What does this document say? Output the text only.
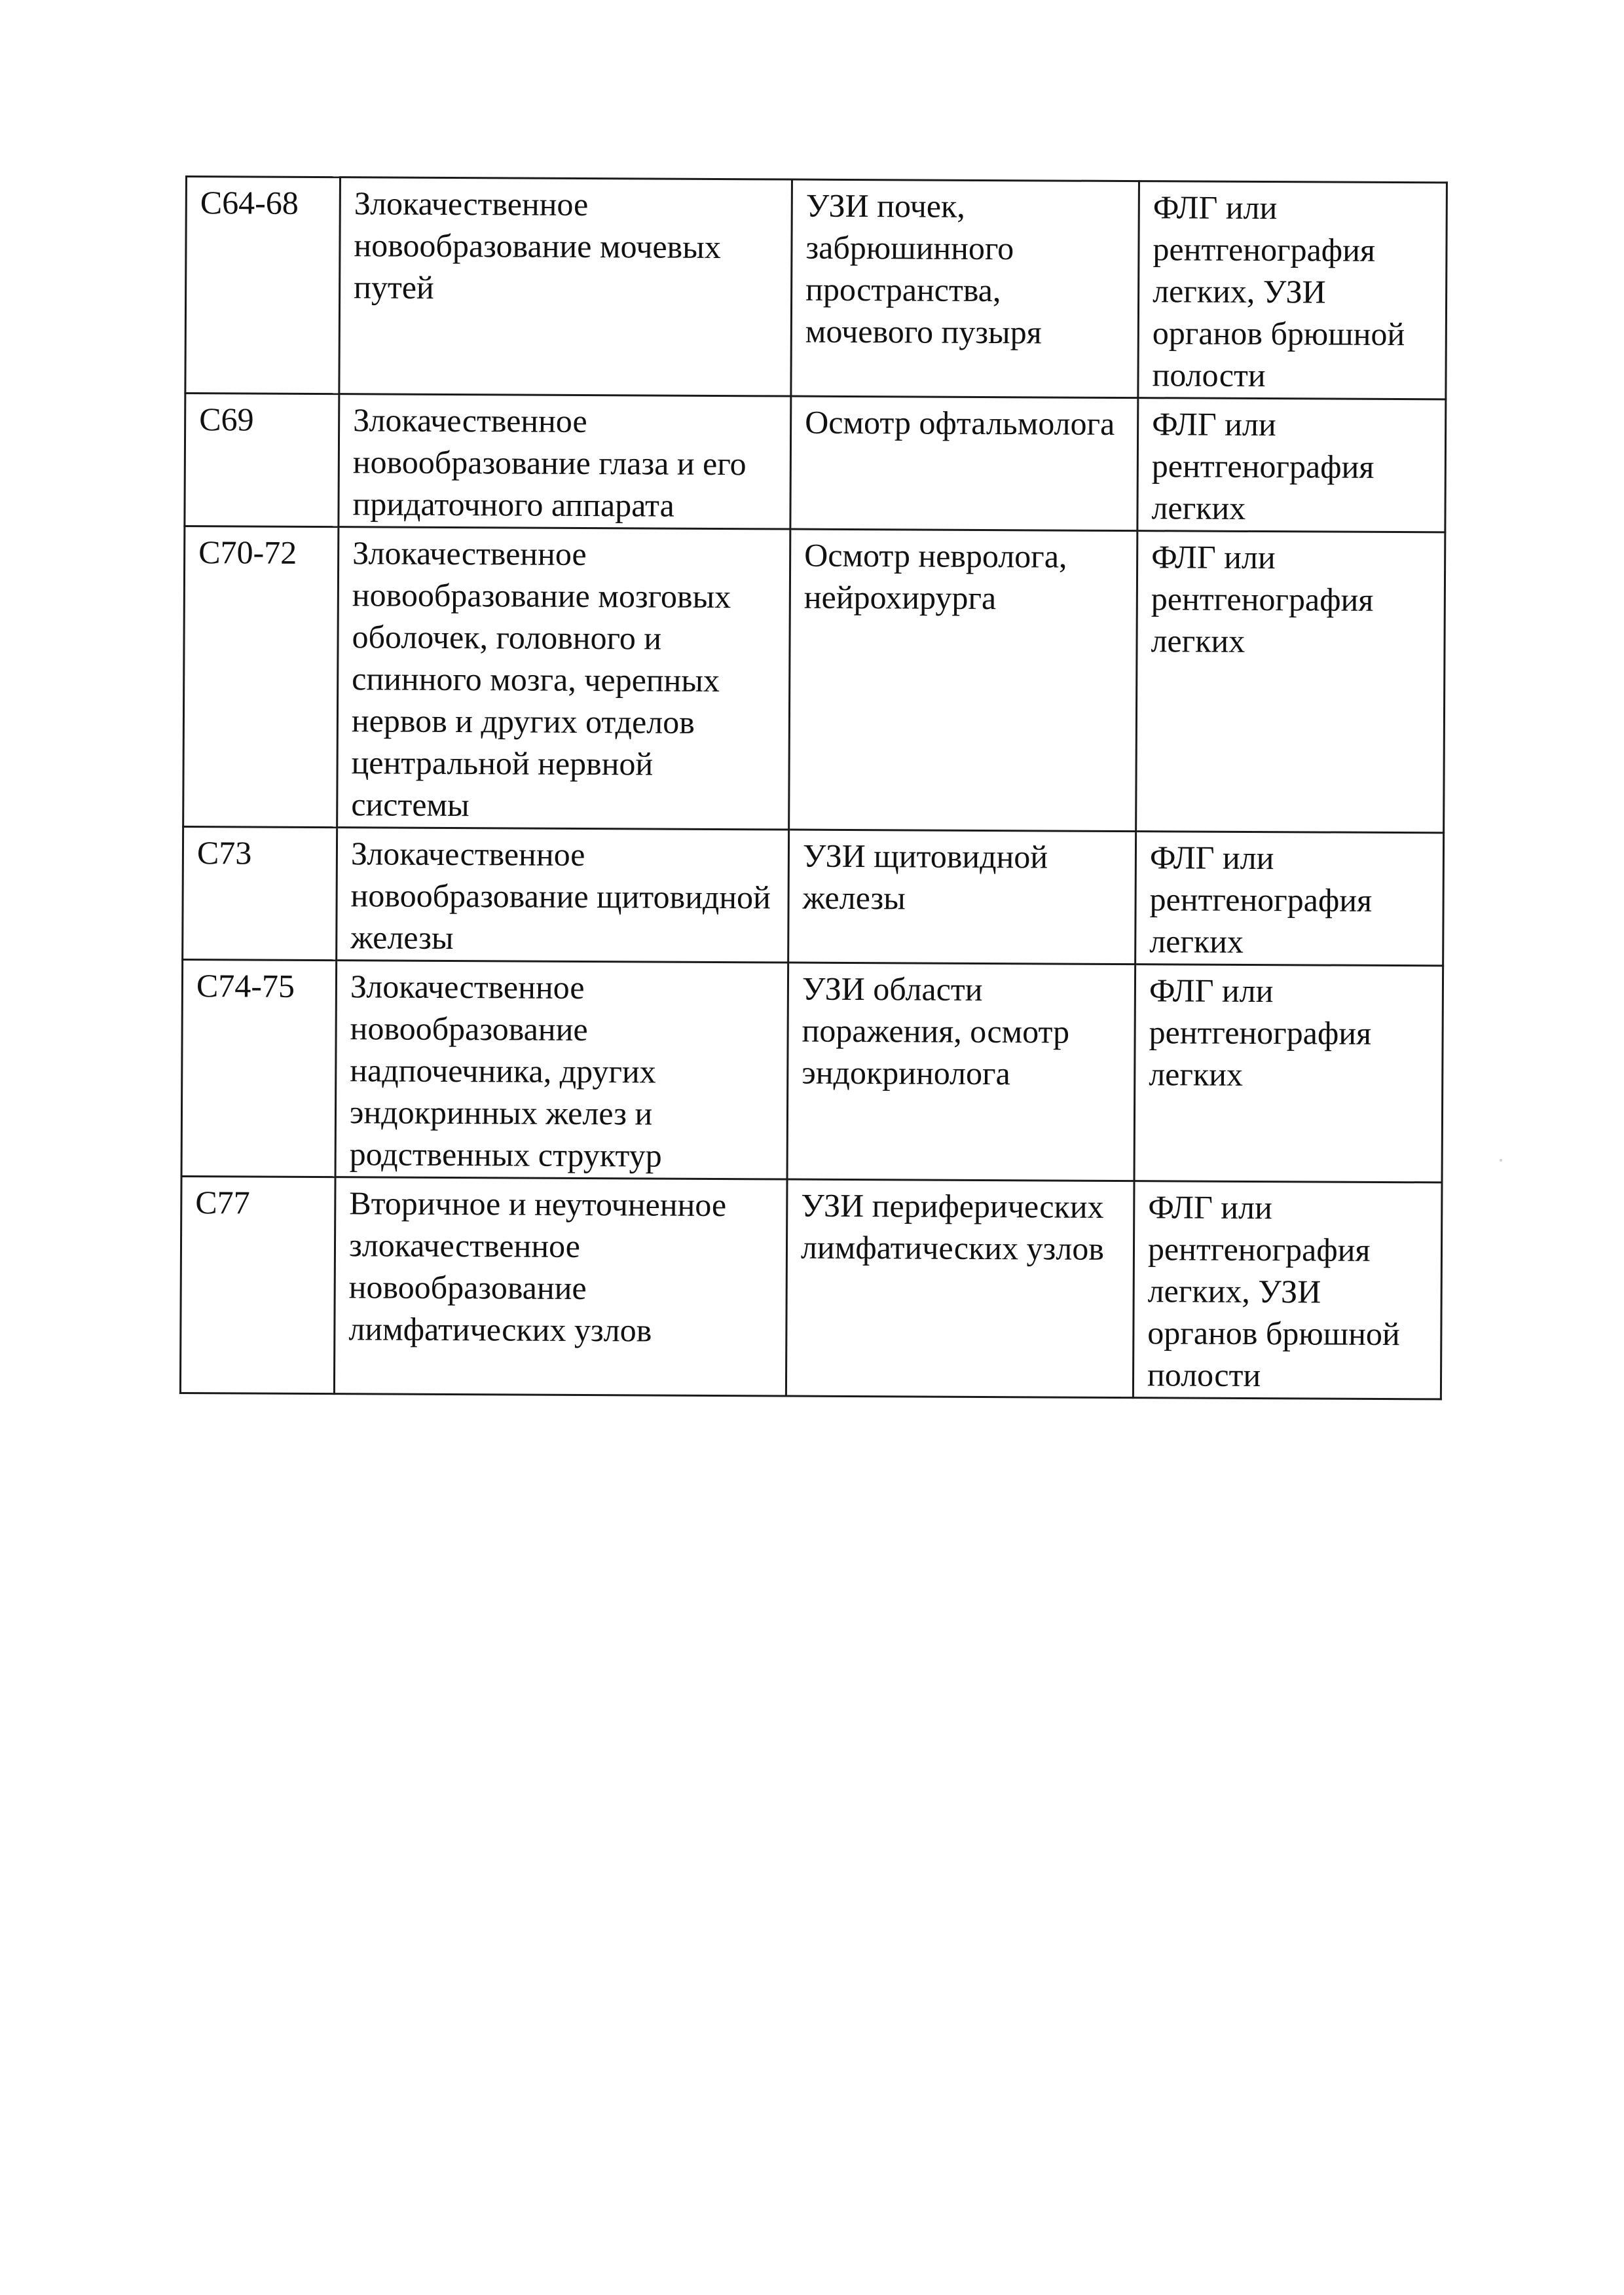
С64-68	Злокачественное новообразование мочевых путей	УЗИ почек, забрюшинного пространства, мочевого пузыря	ФЛГ или рентгенография легких, УЗИ органов брюшной полости
С69	Злокачественное новообразование глаза и его придаточного аппарата	Осмотр офтальмолога	ФЛГ или рентгенография легких
С70-72	Злокачественное новообразование мозговых оболочек, головного и спинного мозга, черепных нервов и других отделов центральной нервной системы	Осмотр невролога, нейрохирурга	ФЛГ или рентгенография легких
С73	Злокачественное новообразование щитовидной железы	УЗИ щитовидной железы	ФЛГ или рентгенография легких
С74-75	Злокачественное новообразование надпочечника, других эндокринных желез и родственных структур	УЗИ области поражения, осмотр эндокринолога	ФЛГ или рентгенография легких
С77	Вторичное и неуточненное злокачественное новообразование лимфатических узлов	УЗИ периферических лимфатических узлов	ФЛГ или рентгенография легких, УЗИ органов брюшной полости
